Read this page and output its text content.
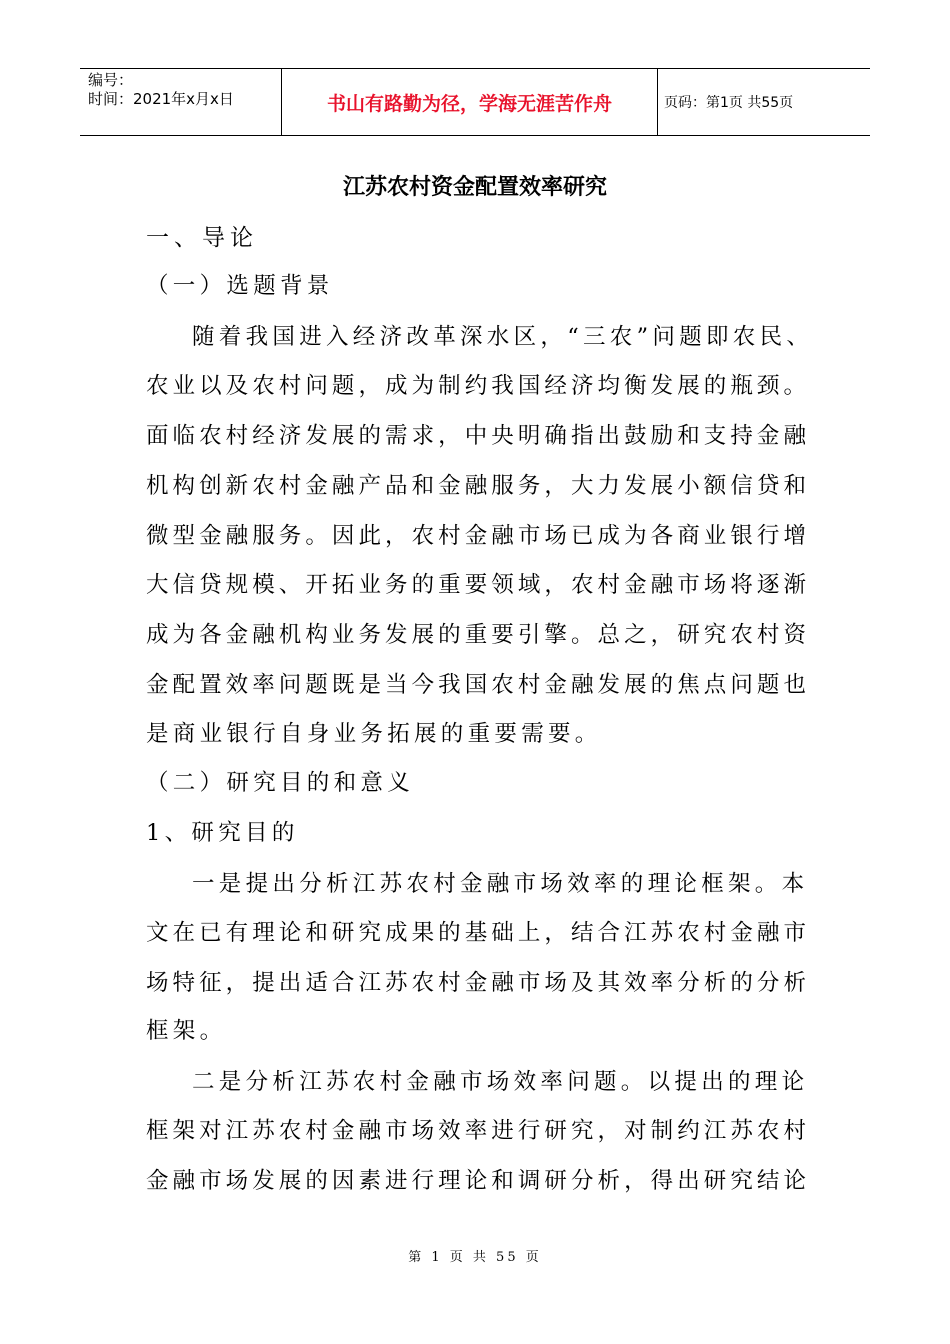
编号：
时间：2021年x月x日	书山有路勤为径，学海无涯苦作舟	页码：第1页 共55页
江苏农村资金配置效率研究
一、导论
（一）选题背景
随着我国进入经济改革深水区，“三农”问题即农民、
农业以及农村问题，成为制约我国经济均衡发展的瓶颈。
面临农村经济发展的需求，中央明确指出鼓励和支持金融
机构创新农村金融产品和金融服务，大力发展小额信贷和
微型金融服务。因此，农村金融市场已成为各商业银行增
大信贷规模、开拓业务的重要领域，农村金融市场将逐渐
成为各金融机构业务发展的重要引擎。总之，研究农村资
金配置效率问题既是当今我国农村金融发展的焦点问题也
是商业银行自身业务拓展的重要需要。
（二）研究目的和意义
1、研究目的
一是提出分析江苏农村金融市场效率的理论框架。本
文在已有理论和研究成果的基础上，结合江苏农村金融市
场特征，提出适合江苏农村金融市场及其效率分析的分析
框架。
二是分析江苏农村金融市场效率问题。以提出的理论
框架对江苏农村金融市场效率进行研究，对制约江苏农村
金融市场发展的因素进行理论和调研分析，得出研究结论
第 1 页 共 55 页
